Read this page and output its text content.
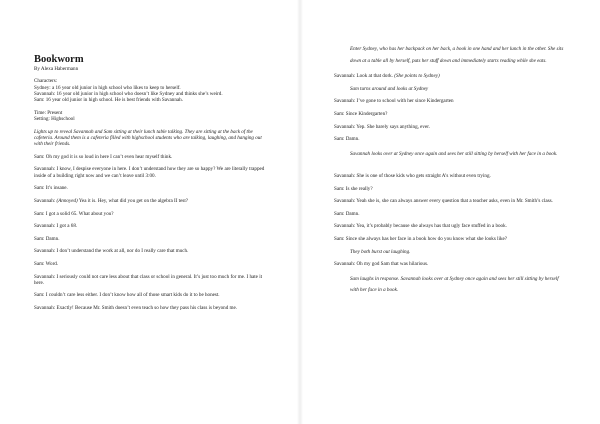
Bookworm

By Alexa Habermann

Characters:

Sydney: a 16 year old junior in high school who likes to keep to herself.

Savannah: 16 year old junior in high school who doesn’t like Sydney and thinks she’s weird.

Sam: 16 year old junior in high school. He is best friends with Savannah.

Time: Present

Setting: Highschool

Lights up to reveal Savannah and Sam sitting at their lunch table talking. They are sitting at the back of the cafeteria. Around them is a cafeteria filled with highschool students who are talking, laughing, and hanging out with their friends.

Sam: Oh my god it is so loud in here I can’t even hear myself think.

Savannah: I know, I despise everyone in here. I don’t understand how they are so happy? We are literally trapped inside of a building right now and we can’t leave until 3:00.

Sam: It’s insane.

Savannah: (Annoyed) Yea it is. Hey, what did you get on the algebra II test?

Sam: I got a solid 65. What about you?

Savannah: I got a 68.

Sam: Damn.

Savannah: I don’t understand the work at all, nor do I really care that much.

Sam: Word.

Savannah: I seriously could not care less about that class or school in general. It’s just too much for me. I hate it here.

Sam: I couldn’t care less either. I don’t know how all of those smart kids do it to be honest.

Savannah: Exactly! Because Mr. Smith doesn’t even teach so how they pass his class is beyond me.

Enter Sydney, who has her backpack on her back, a book in one hand and her lunch in the other. She sits down at a table all by herself, puts her stuff down and immediately starts reading while she eats.

Savannah: Look at that dork. (She points to Sydney)

Sam turns around and looks at Sydney

Savannah: I’ve gone to school with her since Kindergarten

Sam: Since Kindergarten?

Savannah: Yep. She barely says anything, ever.

Sam: Damn.

Savannah looks over at Sydney once again and sees her still sitting by herself with her face in a book.

Savannah: She is one of those kids who gets straight A’s without even trying.

Sam: Is she really?

Savannah: Yeah she is, she can always answer every question that a teacher asks, even in Mr. Smith’s class.

Sam: Damn.

Savannah: Yea, it’s probably because she always has that ugly face stuffed in a book.

Sam: Since she always has her face in a book how do you know what she looks like?

They both burst out laughing.

Savannah: Oh my god Sam that was hilarious.

Sam laughs in response. Savannah looks over at Sydney once again and sees her still sitting by herself with her face in a book.
